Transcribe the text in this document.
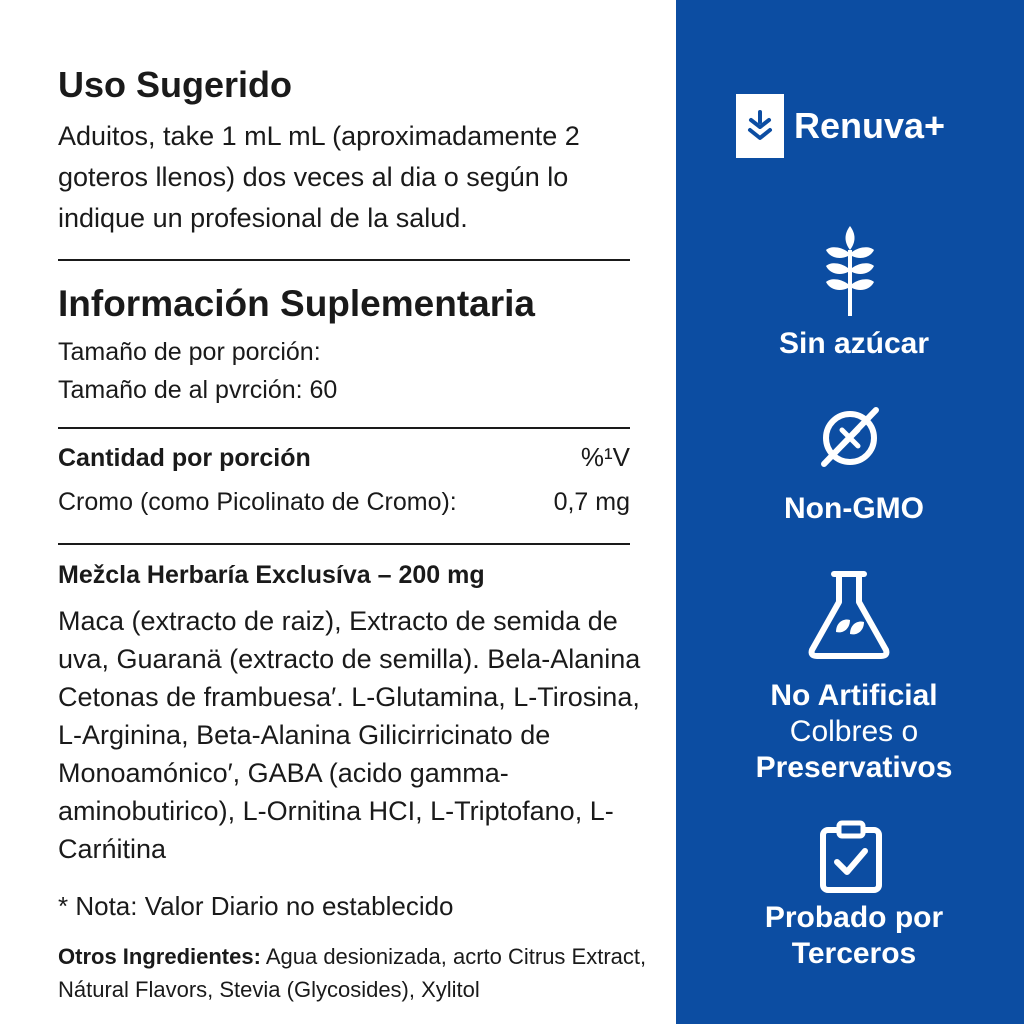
Uso Sugerido

Aduitos, take 1 mL mL (aproximadamente 2 goteros llenos) dos veces al dia o según lo indique un profesional de la salud.

Información Suplementaria

Tamaño de por porción:

Tamaño de al pvrción: 60

Cantidad por porción	%¹V
Cromo (como Picolinato de Cromo):	0,7 mg
Mežcla Herbaría Exclusíva – 200 mg

Maca (extracto de raiz), Extracto de semida de uva, Guaranä (extracto de semilla). Bela-Alanina Cetonas de frambuesa′. L-Glutamina, L-Tirosina, L-Arginina, Beta-Alanina Gilicirricinato de Monoamónico′, GABA (acido gamma-aminobutirico), L-Ornitina HCI, L-Triptofano, L-Carńitina

* Nota: Valor Diario no establecido

Otros Ingredientes: Agua desionizada, acrto Citrus Extract, Nátural Flavors, Stevia (Glycosides), Xylitol

Renuva+
Sin azúcar
Non-GMO
No Artificial
Colbres o
Preservativos
Probado por
Terceros
